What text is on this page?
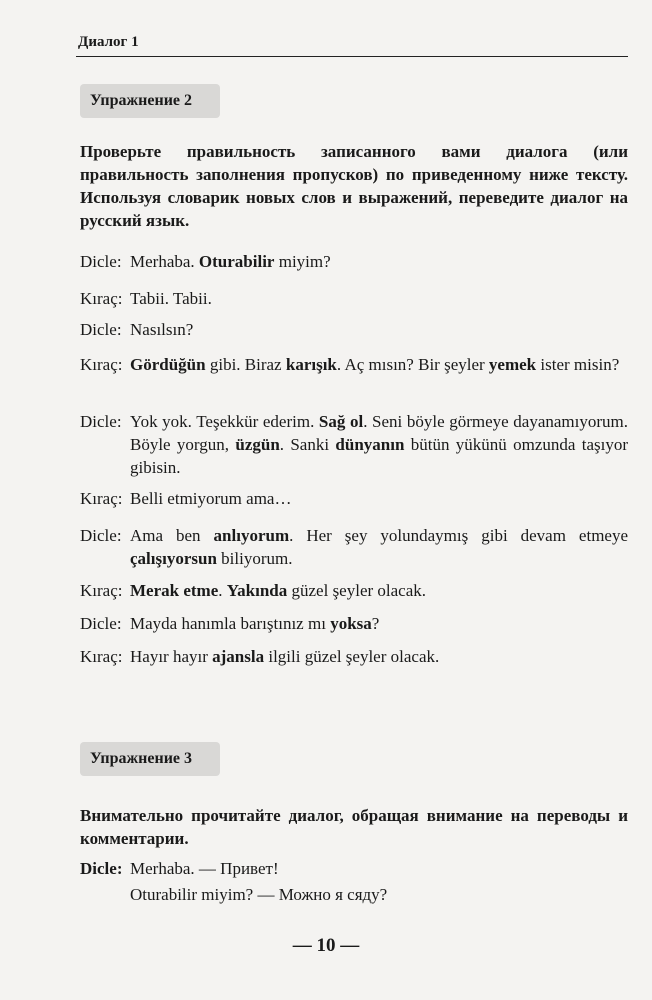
Диалог 1
Упражнение 2
Проверьте правильность записанного вами диалога (или правильность заполнения пропусков) по приведенному ниже тексту. Используя словарик новых слов и выражений, переведите диалог на русский язык.
Dicle: Merhaba. Oturabilir miyim?
Kıraç: Tabii. Tabii.
Dicle: Nasılsın?
Kıraç: Gördüğün gibi. Biraz karışık. Aç mısın? Bir şeyler yemek ister misin?
Dicle: Yok yok. Teşekkür ederim. Sağ ol. Seni böyle görmeye dayanamıyorum. Böyle yorgun, üzgün. Sanki dünyanın bütün yükünü omzunda taşıyor gibisin.
Kıraç: Belli etmiyorum ama…
Dicle: Ama ben anlıyorum. Her şey yolundaymış gibi devam etmeye çalışıyorsun biliyorum.
Kıraç: Merak etme. Yakında güzel şeyler olacak.
Dicle: Mayda hanımla barıştınız mı yoksa?
Kıraç: Hayır hayır ajansla ilgili güzel şeyler olacak.
Упражнение 3
Внимательно прочитайте диалог, обращая внимание на переводы и комментарии.
Dicle: Merhaba. — Привет!
Oturabilir miyim? — Можно я сяду?
— 10 —
